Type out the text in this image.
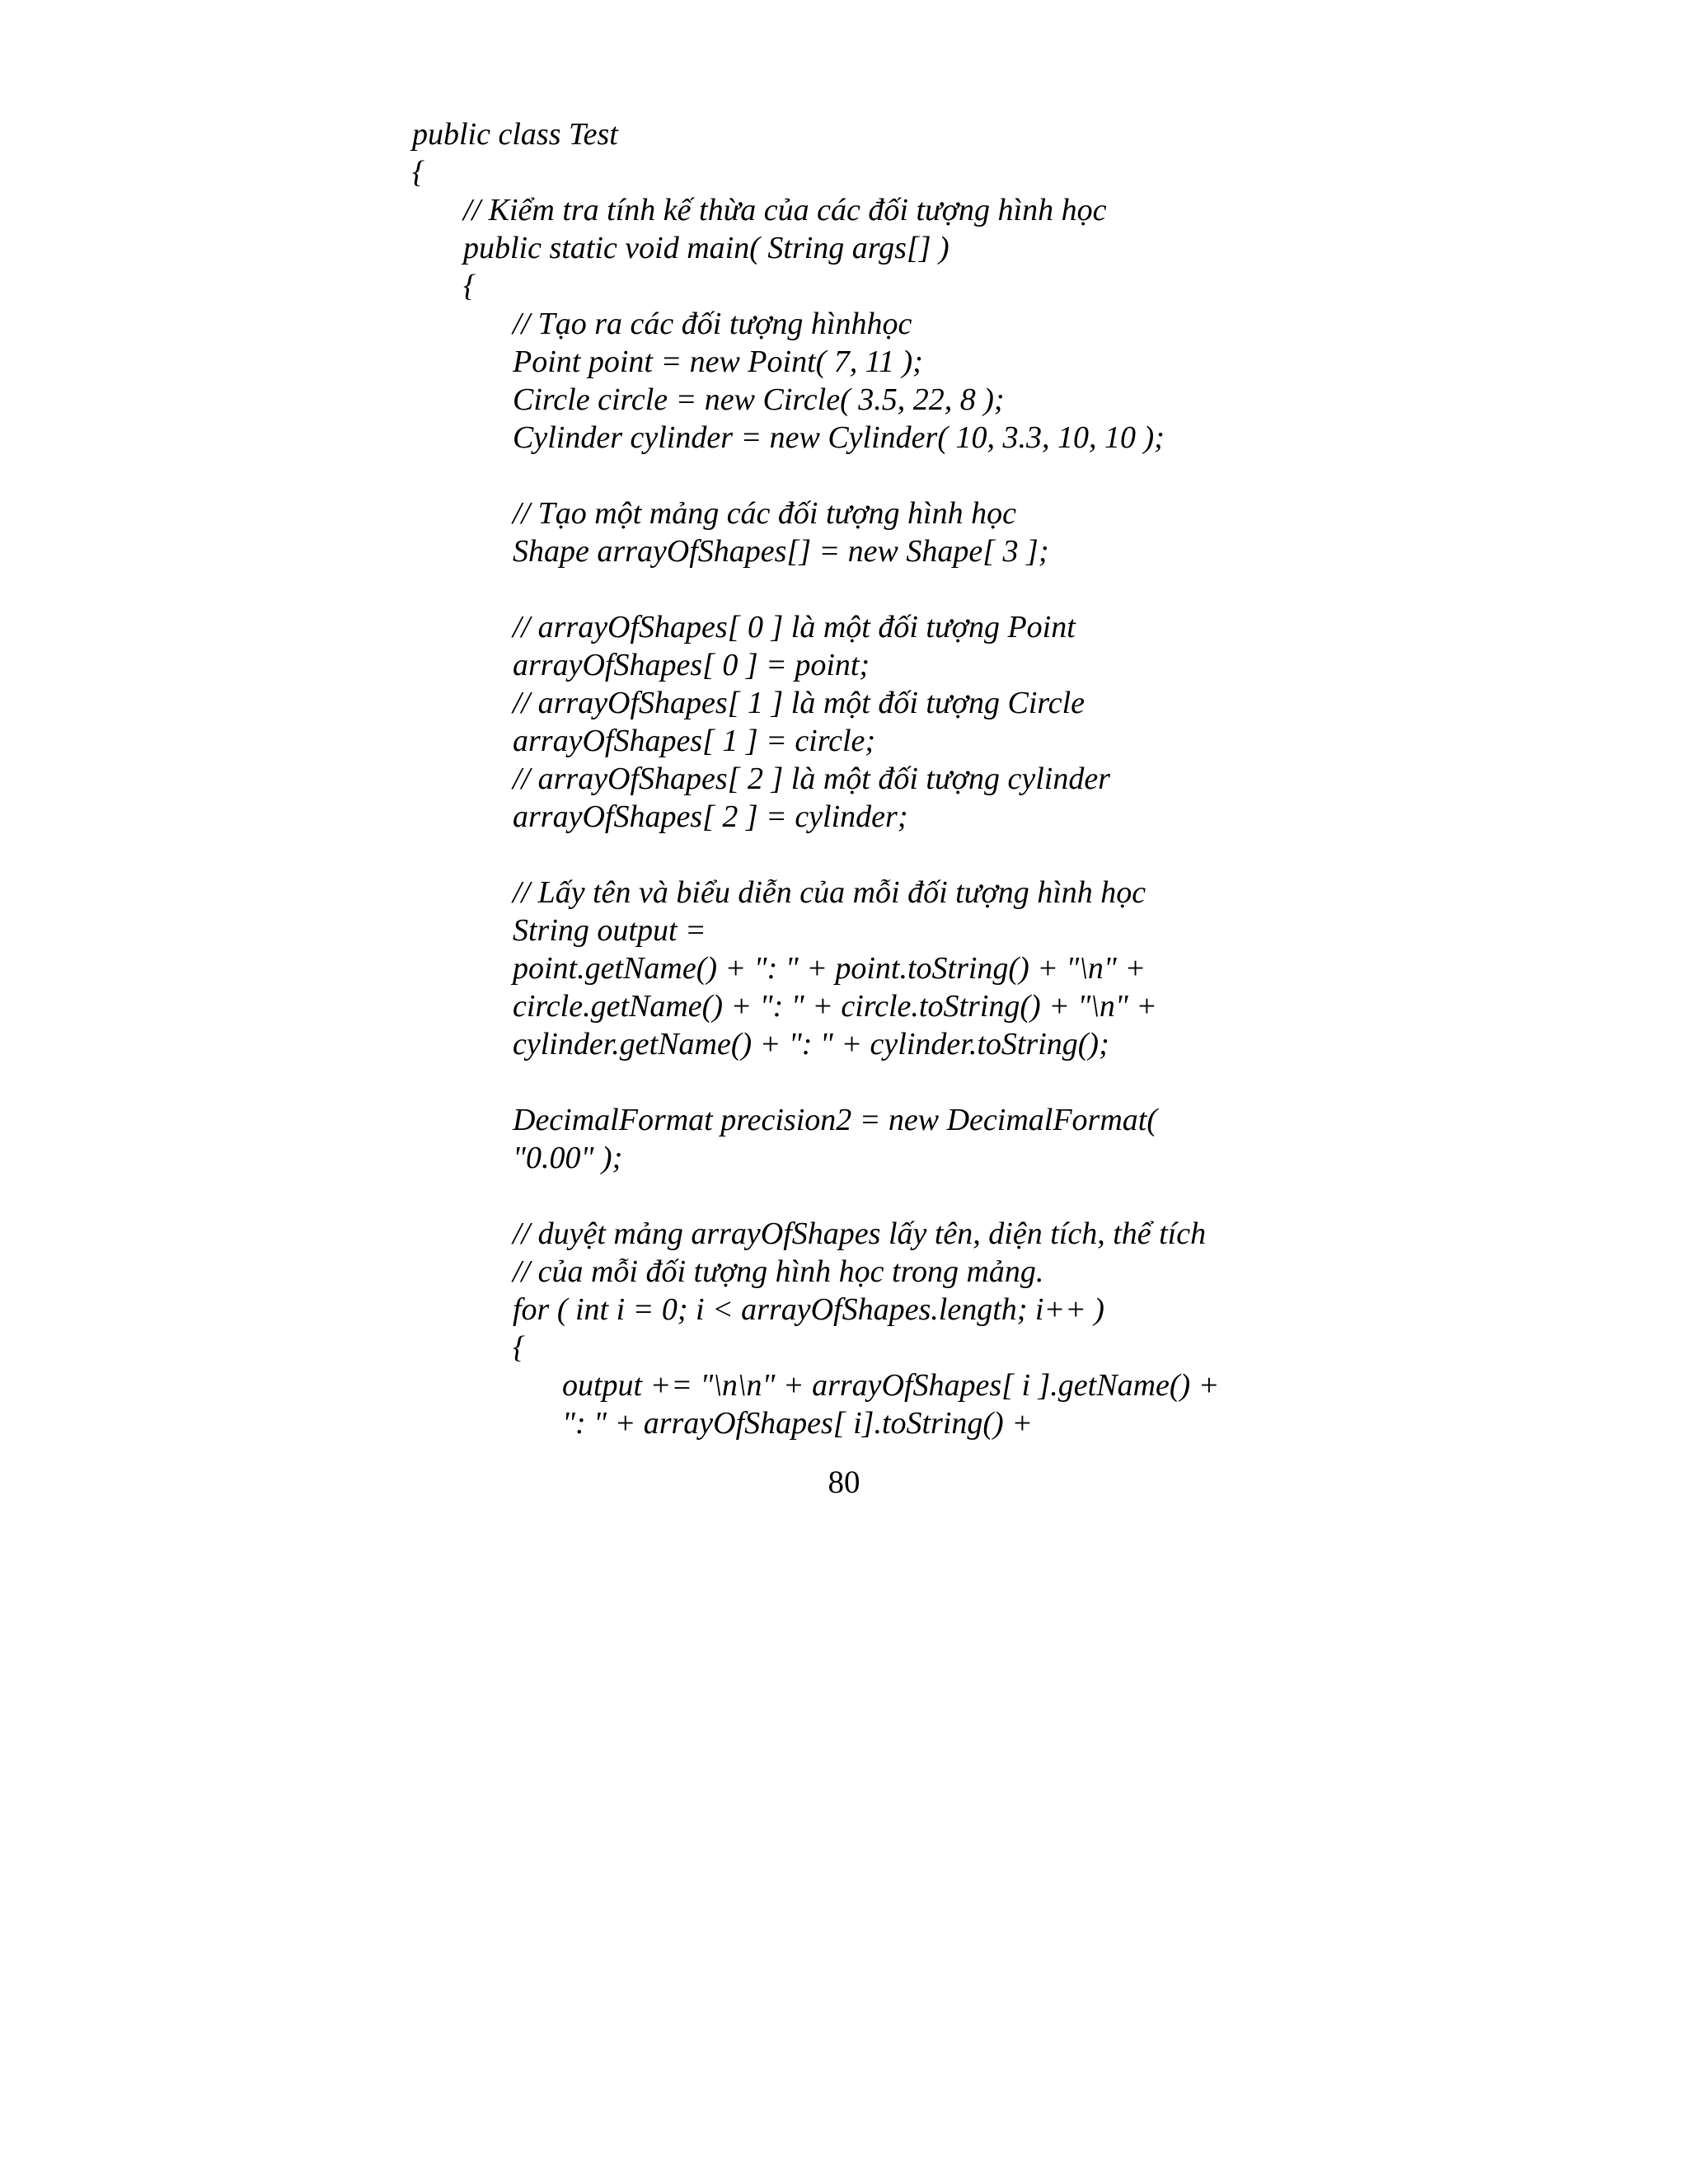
public class Test
{
// Kiểm tra tính kế thừa của các đối tượng hình học
public static void main( String args[] )
{
// Tạo ra các đối tượng hìnhhọc
Point point = new Point( 7, 11 );
Circle circle = new Circle( 3.5, 22, 8 );
Cylinder cylinder = new Cylinder( 10, 3.3, 10, 10 );
// Tạo một mảng các đối tượng hình học
Shape arrayOfShapes[] = new Shape[ 3 ];
// arrayOfShapes[ 0 ] là một đối tượng Point
arrayOfShapes[ 0 ] = point;
// arrayOfShapes[ 1 ] là một đối tượng Circle
arrayOfShapes[ 1 ] = circle;
// arrayOfShapes[ 2 ] là một đối tượng cylinder
arrayOfShapes[ 2 ] = cylinder;
// Lấy tên và biểu diễn của mỗi đối tượng hình học
String output =
point.getName() + ": " + point.toString() + "\n" +
circle.getName() + ": " + circle.toString() + "\n" +
cylinder.getName() + ": " + cylinder.toString();
DecimalFormat precision2 = new DecimalFormat(
"0.00" );
// duyệt mảng arrayOfShapes lấy tên, diện tích, thể tích
// của mỗi đối tượng hình học trong mảng.
for ( int i = 0; i < arrayOfShapes.length; i++ )
{
output += "\n\n" + arrayOfShapes[ i ].getName() +
": " + arrayOfShapes[ i].toString() +
80
